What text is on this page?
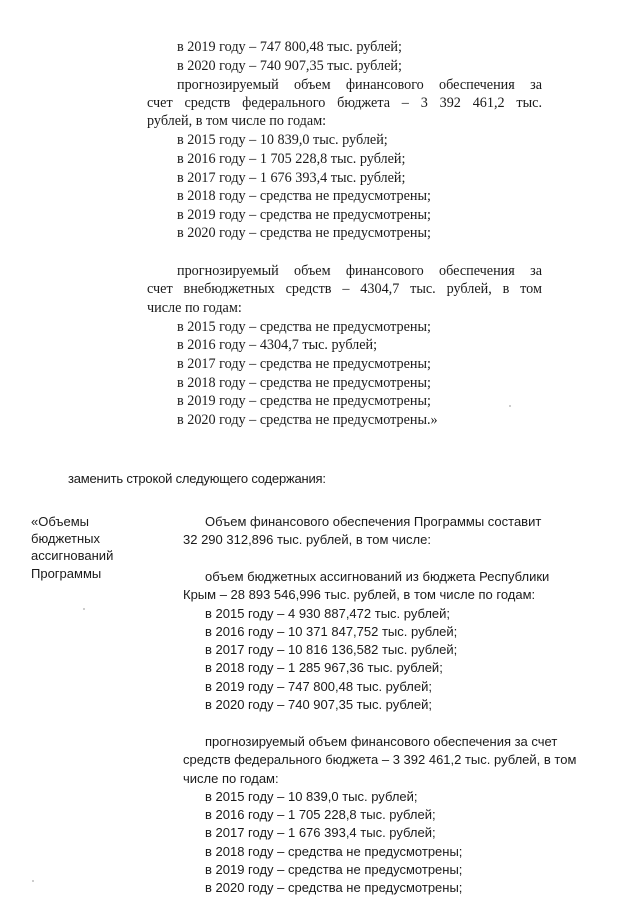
в 2019 году – 747 800,48 тыс. рублей;
в 2020 году – 740 907,35 тыс. рублей;
прогнозируемый объем финансового обеспечения за
счет средств федерального бюджета – 3 392 461,2 тыс.
рублей, в том числе по годам:
в 2015 году – 10 839,0 тыс. рублей;
в 2016 году – 1 705 228,8 тыс. рублей;
в 2017 году – 1 676 393,4 тыс. рублей;
в 2018 году – средства не предусмотрены;
в 2019 году – средства не предусмотрены;
в 2020 году – средства не предусмотрены;
прогнозируемый объем финансового обеспечения за
счет внебюджетных средств – 4304,7 тыс. рублей, в том
числе по годам:
в 2015 году – средства не предусмотрены;
в 2016 году – 4304,7 тыс. рублей;
в 2017 году – средства не предусмотрены;
в 2018 году – средства не предусмотрены;
в 2019 году – средства не предусмотрены;
в 2020 году – средства не предусмотрены.»
заменить строкой следующего содержания:
«Объемы
бюджетных
ассигнований
Программы
Объем финансового обеспечения Программы составит
32 290 312,896 тыс. рублей, в том числе:
объем бюджетных ассигнований из бюджета Республики
Крым – 28 893 546,996 тыс. рублей, в том числе по годам:
в 2015 году – 4 930 887,472 тыс. рублей;
в 2016 году – 10 371 847,752 тыс. рублей;
в 2017 году – 10 816 136,582 тыс. рублей;
в 2018 году – 1 285 967,36 тыс. рублей;
в 2019 году – 747 800,48 тыс. рублей;
в 2020 году – 740 907,35 тыс. рублей;
прогнозируемый объем финансового обеспечения за счет
средств федерального бюджета – 3 392 461,2 тыс. рублей, в том
числе по годам:
в 2015 году – 10 839,0 тыс. рублей;
в 2016 году – 1 705 228,8 тыс. рублей;
в 2017 году – 1 676 393,4 тыс. рублей;
в 2018 году – средства не предусмотрены;
в 2019 году – средства не предусмотрены;
в 2020 году – средства не предусмотрены;
